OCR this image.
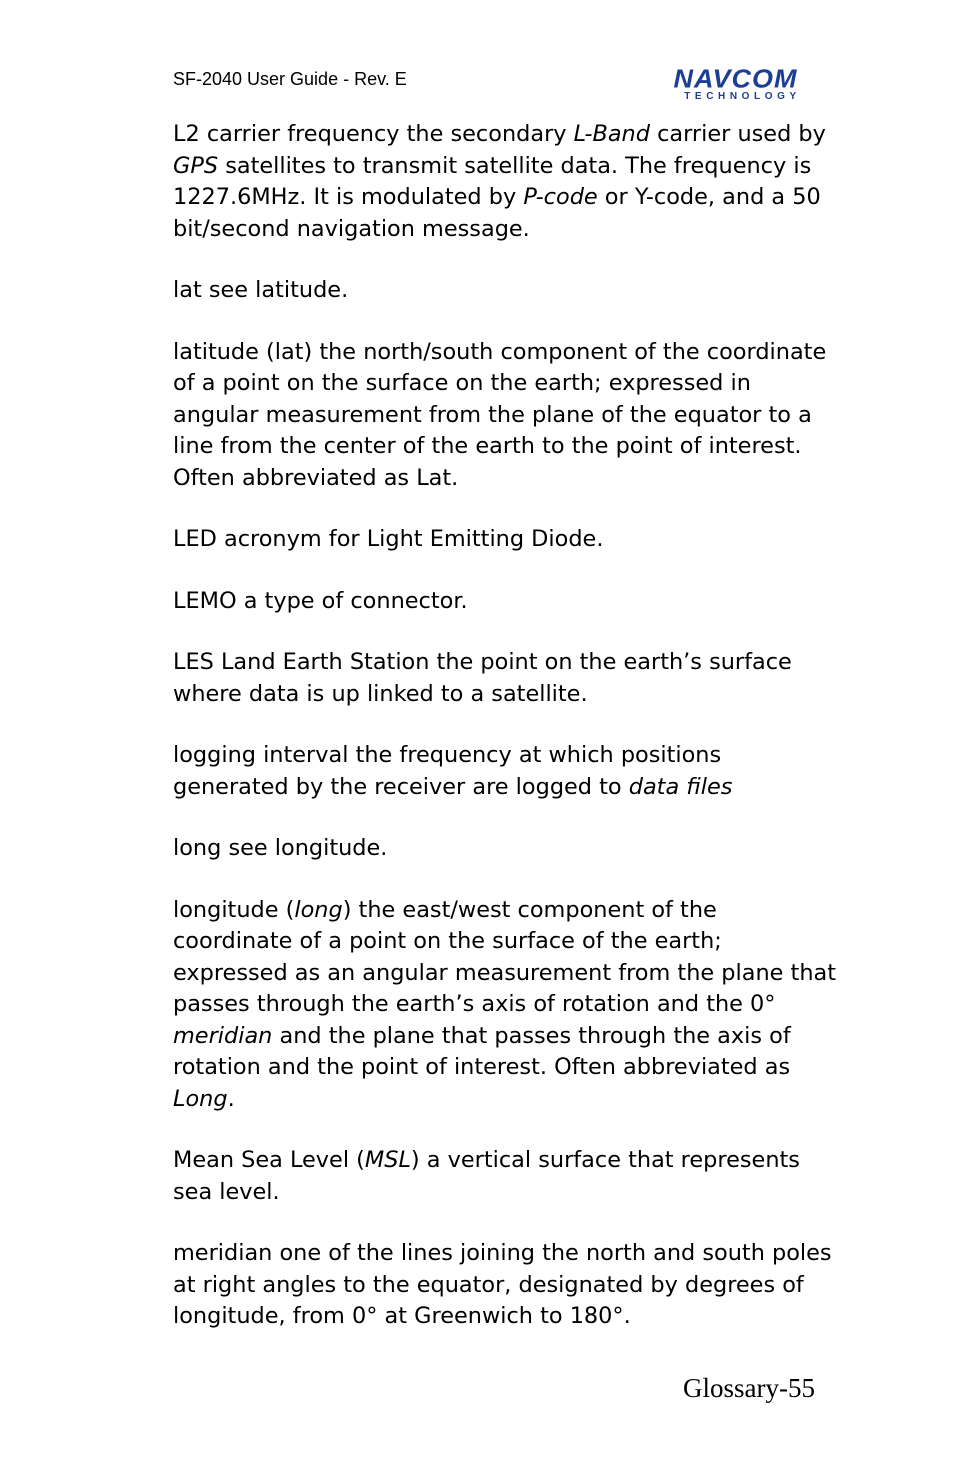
SF-2040 User Guide - Rev. E	NAVCOM
TECHNOLOGY

L2 carrier frequency the secondary L-Band carrier used by GPS satellites to transmit satellite data. The frequency is 1227.6MHz. It is modulated by P-code or Y-code, and a 50 bit/second navigation message.

lat see latitude.

latitude (lat) the north/south component of the coordinate of a point on the surface on the earth; expressed in angular measurement from the plane of the equator to a line from the center of the earth to the point of interest. Often abbreviated as Lat.

LED acronym for Light Emitting Diode.

LEMO a type of connector.

LES Land Earth Station the point on the earth’s surface where data is up linked to a satellite.

logging interval the frequency at which positions generated by the receiver are logged to data files

long see longitude.

longitude (long) the east/west component of the coordinate of a point on the surface of the earth; expressed as an angular measurement from the plane that passes through the earth’s axis of rotation and the 0° meridian and the plane that passes through the axis of rotation and the point of interest. Often abbreviated as Long.

Mean Sea Level (MSL) a vertical surface that represents sea level.

meridian one of the lines joining the north and south poles at right angles to the equator, designated by degrees of longitude, from 0° at Greenwich to 180°.

Glossary-55
